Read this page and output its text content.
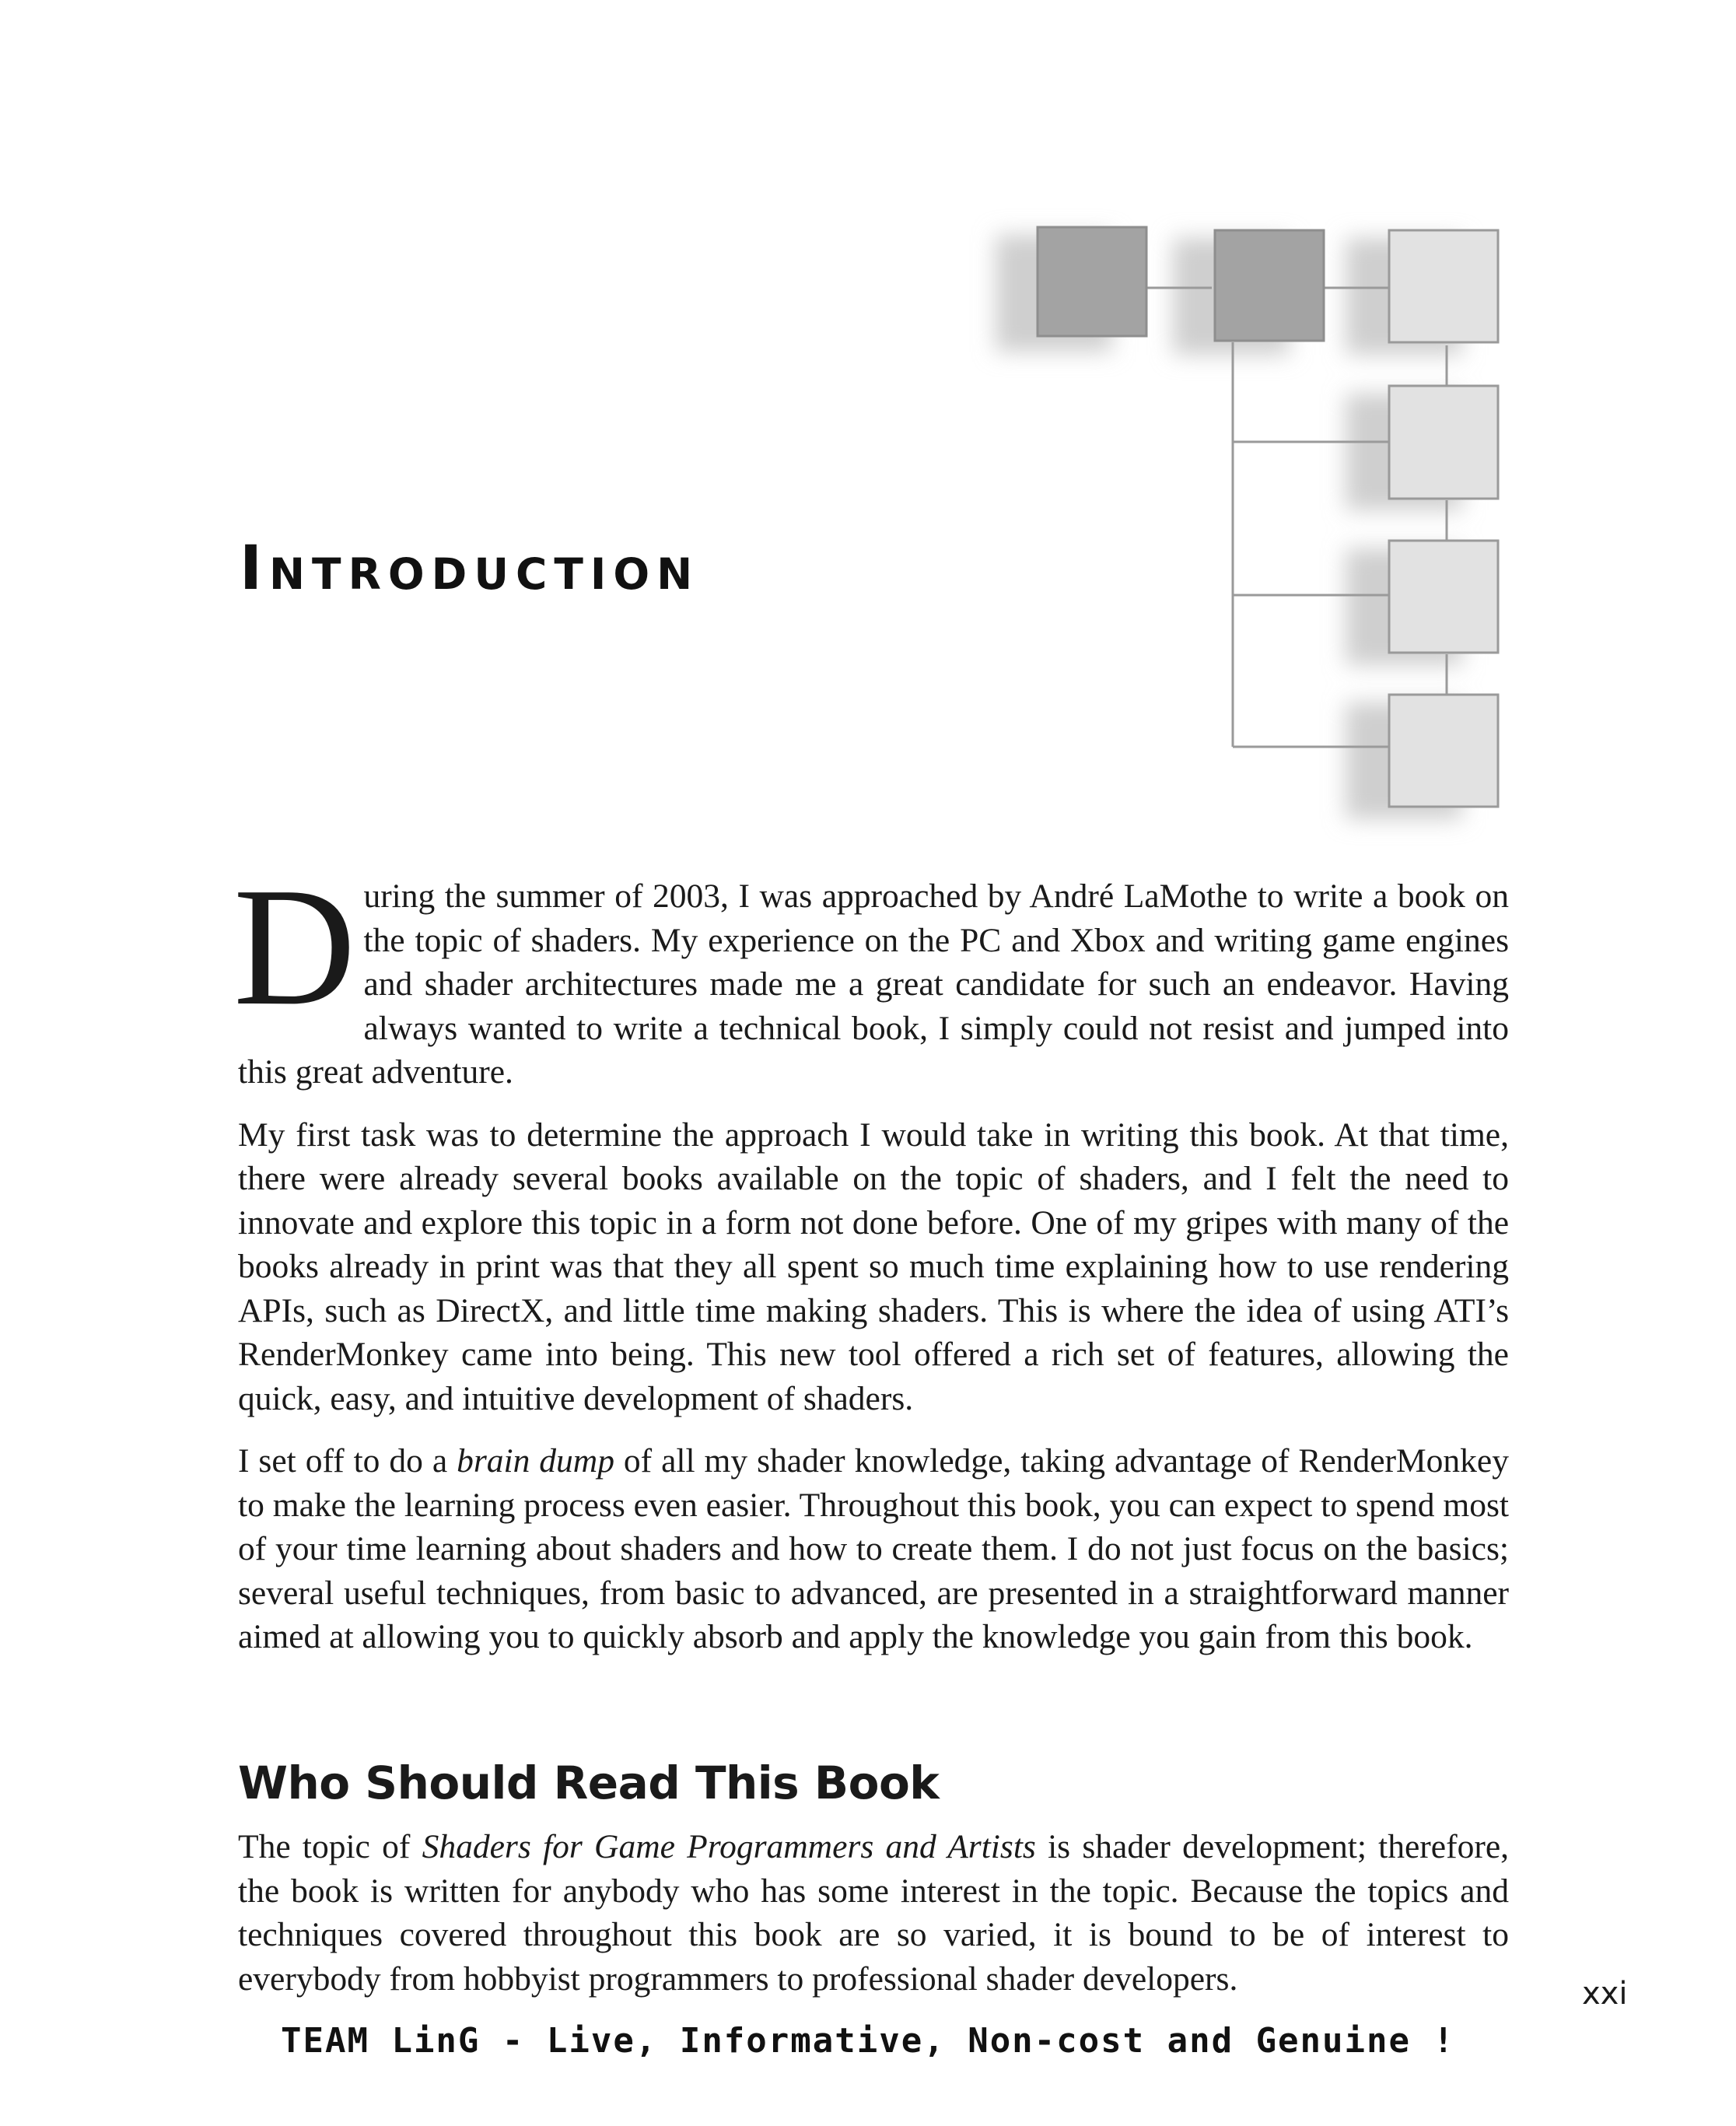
Introduction

During the summer of 2003, I was approached by André LaMothe to write a book on the topic of shaders. My experience on the PC and Xbox and writing game engines and shader architectures made me a great candidate for such an endeavor. Having always wanted to write a technical book, I simply could not resist and jumped into this great adventure.

My first task was to determine the approach I would take in writing this book. At that time, there were already several books available on the topic of shaders, and I felt the need to innovate and explore this topic in a form not done before. One of my gripes with many of the books already in print was that they all spent so much time explaining how to use rendering APIs, such as DirectX, and little time making shaders. This is where the idea of using ATI’s RenderMonkey came into being. This new tool offered a rich set of features, allowing the quick, easy, and intuitive development of shaders.

I set off to do a brain dump of all my shader knowledge, taking advantage of RenderMonkey to make the learning process even easier. Throughout this book, you can expect to spend most of your time learning about shaders and how to create them. I do not just focus on the basics; several useful techniques, from basic to advanced, are presented in a straightforward manner aimed at allowing you to quickly absorb and apply the knowledge you gain from this book.

Who Should Read This Book

The topic of Shaders for Game Programmers and Artists is shader development; therefore, the book is written for anybody who has some interest in the topic. Because the topics and techniques covered throughout this book are so varied, it is bound to be of interest to everybody from hobbyist programmers to professional shader developers.	xxi
TEAM LinG - Live, Informative, Non-cost and Genuine !
